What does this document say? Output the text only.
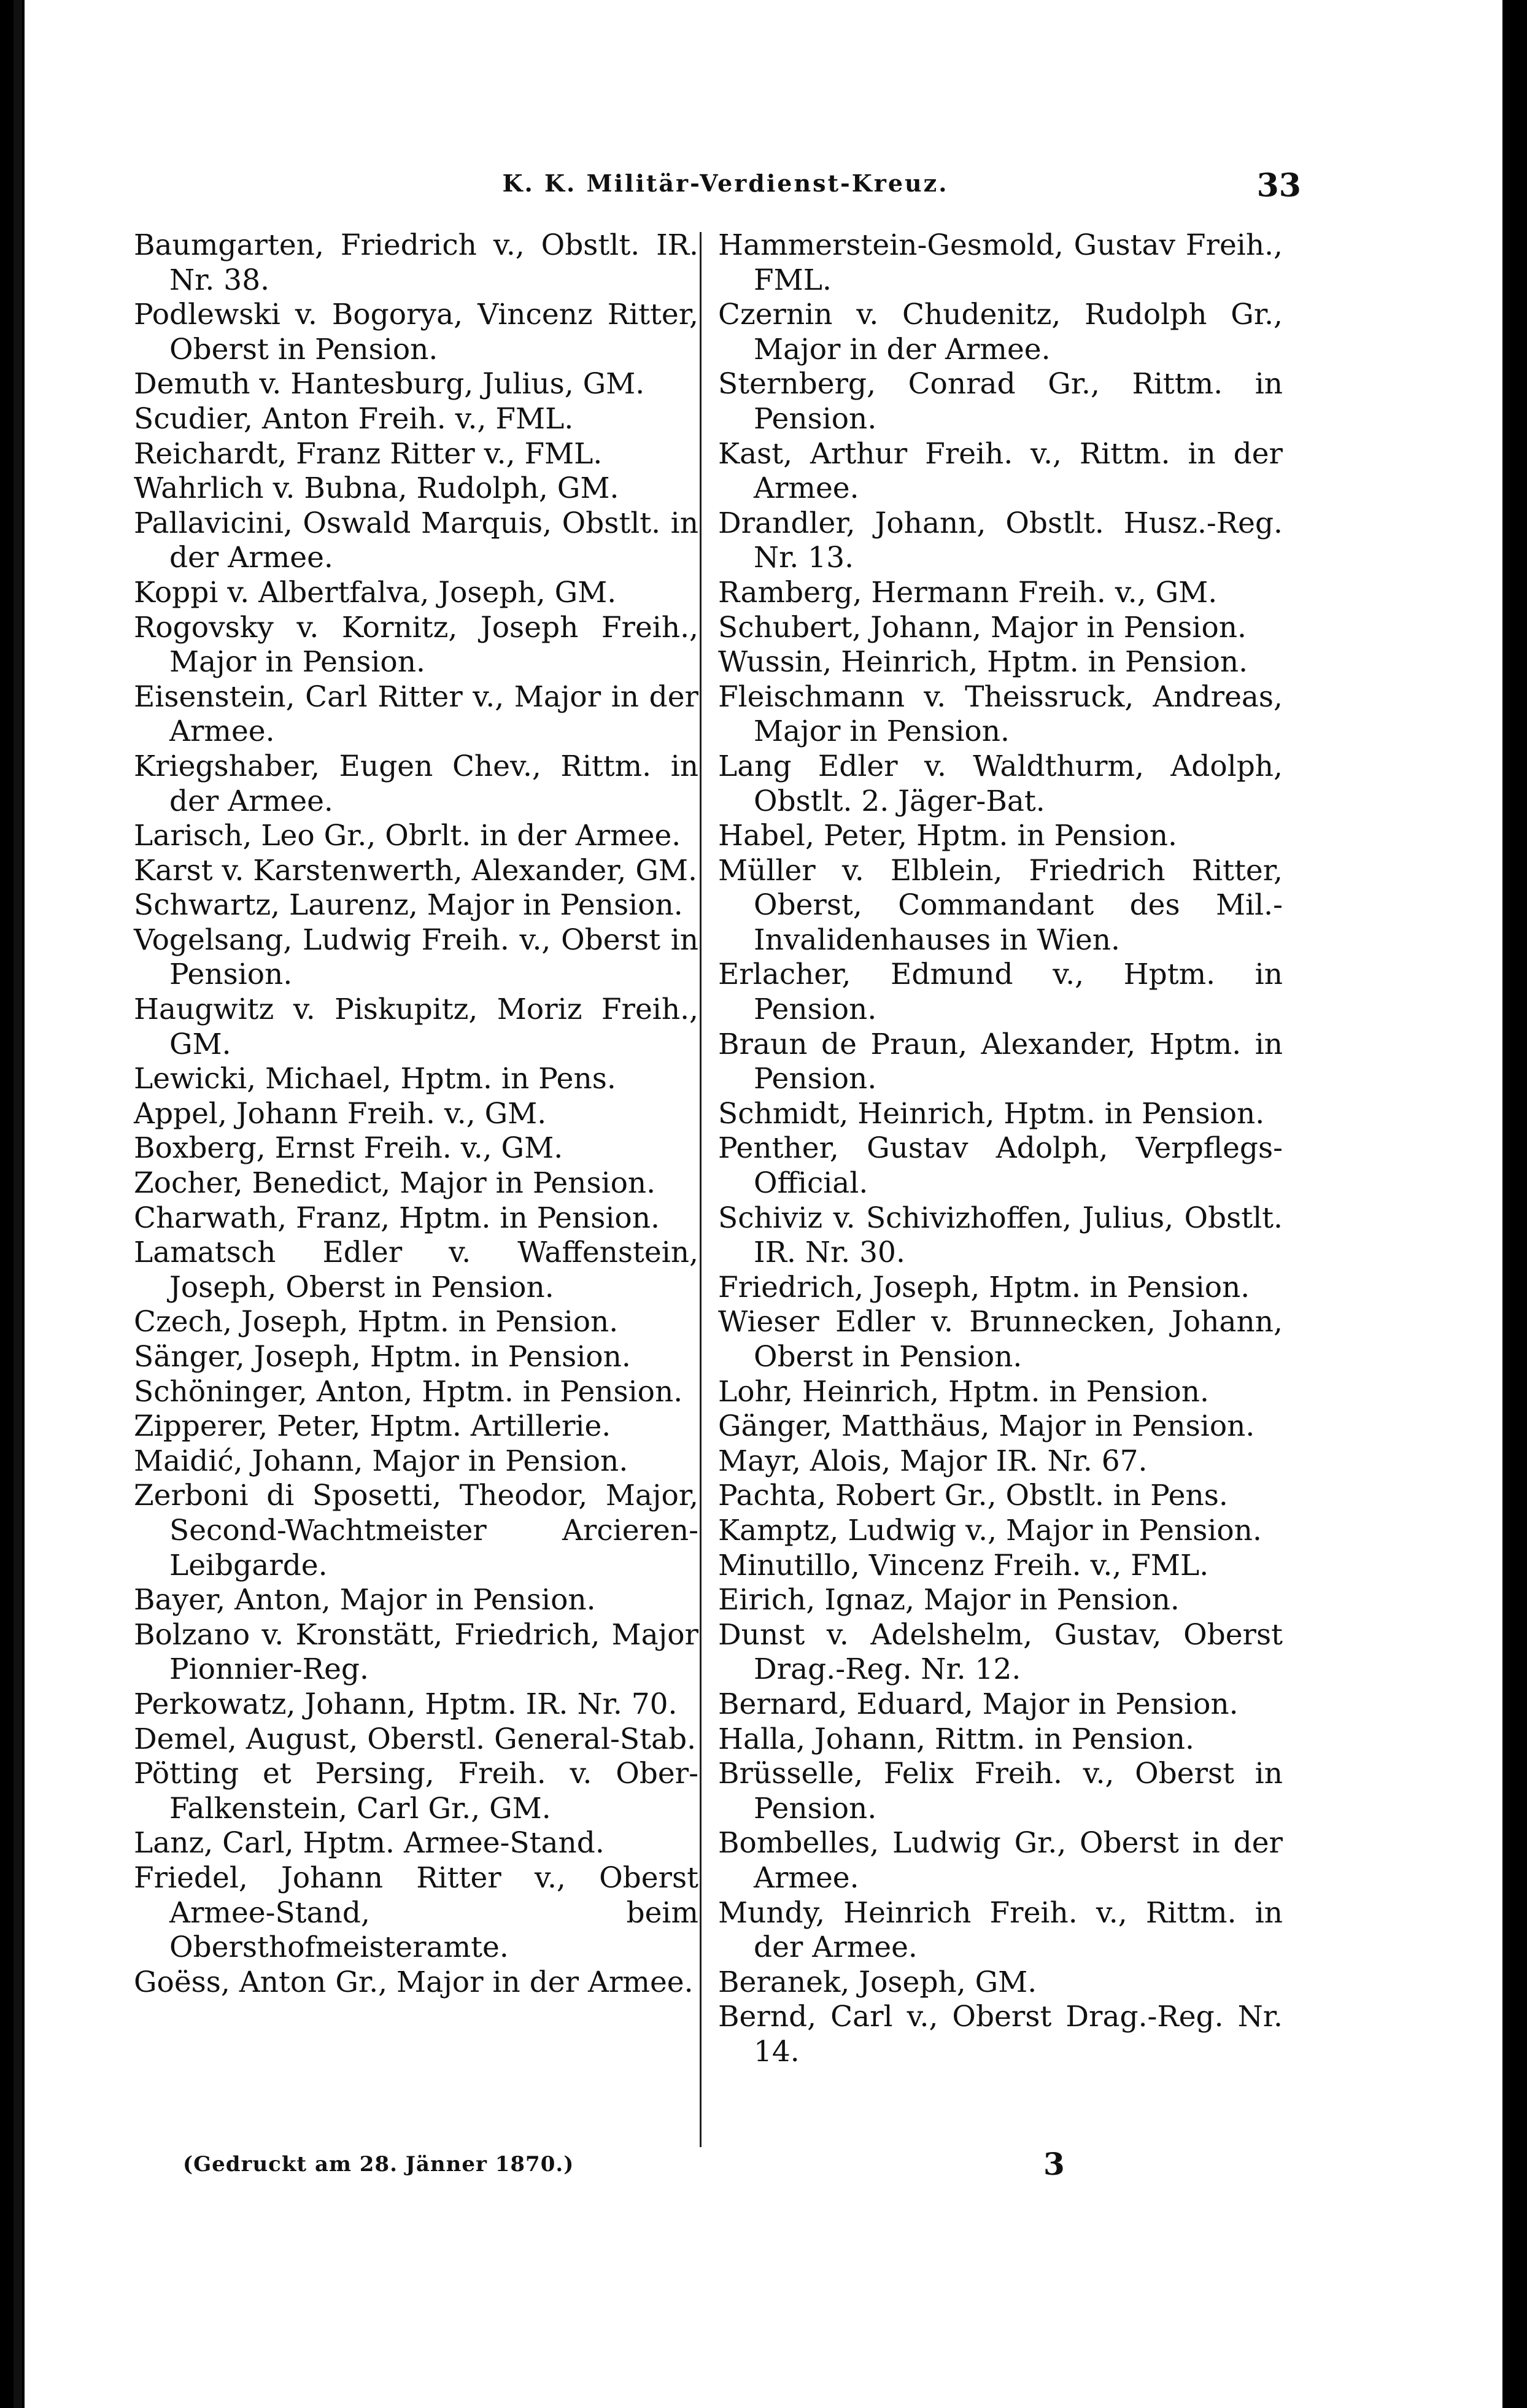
K. K. Militär-Verdienst-Kreuz.	33
Baumgarten, Friedrich v., Obstlt. IR. Nr. 38.
Podlewski v. Bogorya, Vincenz Ritter, Oberst in Pension.
Demuth v. Hantesburg, Julius, GM.
Scudier, Anton Freih. v., FML.
Reichardt, Franz Ritter v., FML.
Wahrlich v. Bubna, Rudolph, GM.
Pallavicini, Oswald Marquis, Obstlt. in der Armee.
Koppi v. Albertfalva, Joseph, GM.
Rogovsky v. Kornitz, Joseph Freih., Major in Pension.
Eisenstein, Carl Ritter v., Major in der Armee.
Kriegshaber, Eugen Chev., Rittm. in der Armee.
Larisch, Leo Gr., Obrlt. in der Armee.
Karst v. Karstenwerth, Alexander, GM.
Schwartz, Laurenz, Major in Pension.
Vogelsang, Ludwig Freih. v., Oberst in Pension.
Haugwitz v. Piskupitz, Moriz Freih., GM.
Lewicki, Michael, Hptm. in Pens.
Appel, Johann Freih. v., GM.
Boxberg, Ernst Freih. v., GM.
Zocher, Benedict, Major in Pension.
Charwath, Franz, Hptm. in Pension.
Lamatsch Edler v. Waffenstein, Joseph, Oberst in Pension.
Czech, Joseph, Hptm. in Pension.
Sänger, Joseph, Hptm. in Pension.
Schöninger, Anton, Hptm. in Pension.
Zipperer, Peter, Hptm. Artillerie.
Maidić, Johann, Major in Pension.
Zerboni di Sposetti, Theodor, Major, Second-Wachtmeister Arcieren-Leibgarde.
Bayer, Anton, Major in Pension.
Bolzano v. Kronstätt, Friedrich, Major Pionnier-Reg.
Perkowatz, Johann, Hptm. IR. Nr. 70.
Demel, August, Oberstl. General-Stab.
Pötting et Persing, Freih. v. Ober-Falkenstein, Carl Gr., GM.
Lanz, Carl, Hptm. Armee-Stand.
Friedel, Johann Ritter v., Oberst Armee-Stand, beim Obersthofmeisteramte.
Goëss, Anton Gr., Major in der Armee.
Hammerstein-Gesmold, Gustav Freih., FML.
Czernin v. Chudenitz, Rudolph Gr., Major in der Armee.
Sternberg, Conrad Gr., Rittm. in Pension.
Kast, Arthur Freih. v., Rittm. in der Armee.
Drandler, Johann, Obstlt. Husz.-Reg. Nr. 13.
Ramberg, Hermann Freih. v., GM.
Schubert, Johann, Major in Pension.
Wussin, Heinrich, Hptm. in Pension.
Fleischmann v. Theissruck, Andreas, Major in Pension.
Lang Edler v. Waldthurm, Adolph, Obstlt. 2. Jäger-Bat.
Habel, Peter, Hptm. in Pension.
Müller v. Elblein, Friedrich Ritter, Oberst, Commandant des Mil.-Invalidenhauses in Wien.
Erlacher, Edmund v., Hptm. in Pension.
Braun de Praun, Alexander, Hptm. in Pension.
Schmidt, Heinrich, Hptm. in Pension.
Penther, Gustav Adolph, Verpflegs-Official.
Schiviz v. Schivizhoffen, Julius, Obstlt. IR. Nr. 30.
Friedrich, Joseph, Hptm. in Pension.
Wieser Edler v. Brunnecken, Johann, Oberst in Pension.
Lohr, Heinrich, Hptm. in Pension.
Gänger, Matthäus, Major in Pension.
Mayr, Alois, Major IR. Nr. 67.
Pachta, Robert Gr., Obstlt. in Pens.
Kamptz, Ludwig v., Major in Pension.
Minutillo, Vincenz Freih. v., FML.
Eirich, Ignaz, Major in Pension.
Dunst v. Adelshelm, Gustav, Oberst Drag.-Reg. Nr. 12.
Bernard, Eduard, Major in Pension.
Halla, Johann, Rittm. in Pension.
Brüsselle, Felix Freih. v., Oberst in Pension.
Bombelles, Ludwig Gr., Oberst in der Armee.
Mundy, Heinrich Freih. v., Rittm. in der Armee.
Beranek, Joseph, GM.
Bernd, Carl v., Oberst Drag.-Reg. Nr. 14.
(Gedruckt am 28. Jänner 1870.)	3
